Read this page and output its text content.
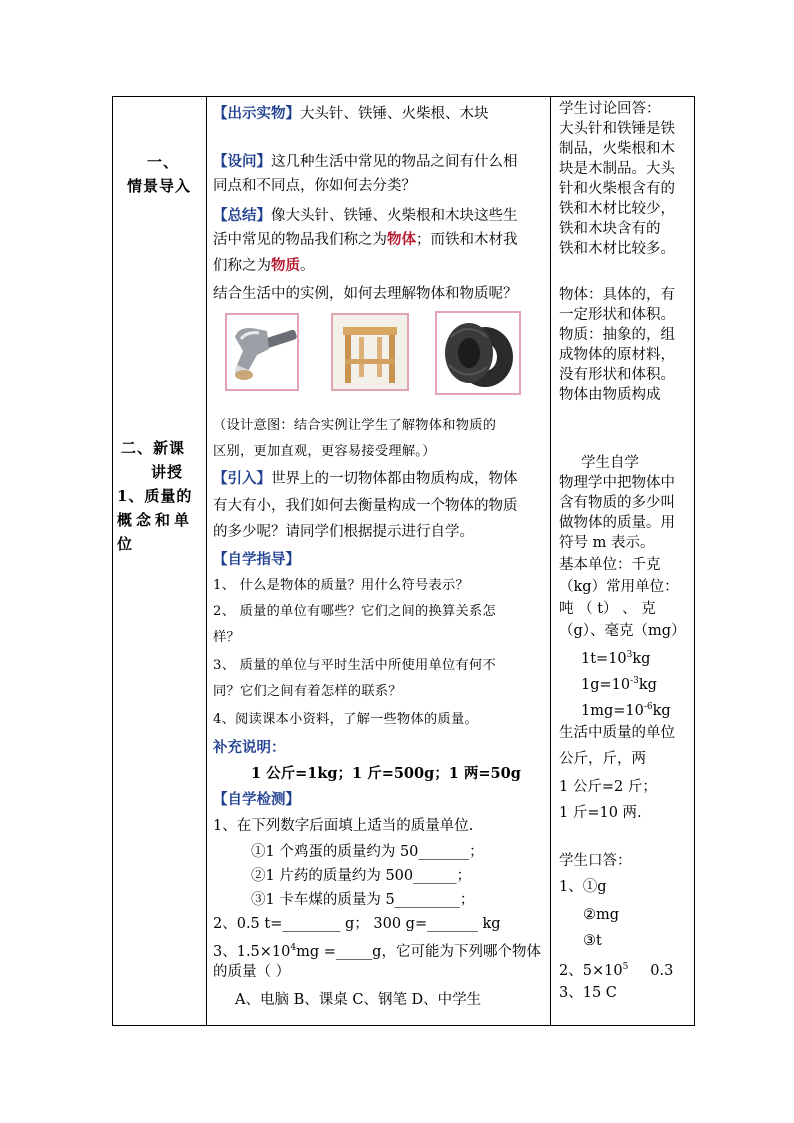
一、
情景导入
二、新课
讲授
1、质量的
概念和单
位
【出示实物】大头针、铁锤、火柴根、木块
【设问】这几种生活中常见的物品之间有什么相
同点和不同点，你如何去分类？
【总结】像大头针、铁锤、火柴根和木块这些生
活中常见的物品我们称之为物体；而铁和木材我
们称之为物质。
结合生活中的实例，如何去理解物体和物质呢？
（设计意图：结合实例让学生了解物体和物质的
区别，更加直观，更容易接受理解。）
【引入】世界上的一切物体都由物质构成，物体
有大有小，我们如何去衡量构成一个物体的物质
的多少呢？请同学们根据提示进行自学。
【自学指导】
1、 什么是物体的质量？用什么符号表示？
2、 质量的单位有哪些？它们之间的换算关系怎
样？
3、 质量的单位与平时生活中所使用单位有何不
同？它们之间有着怎样的联系？
4、阅读课本小资料，了解一些物体的质量。
补充说明：
1 公斤=1kg；1 斤=500g；1 两=50g
【自学检测】
1、在下列数字后面填上适当的质量单位.
①1 个鸡蛋的质量约为 50_______；
②1 片药的质量约为 500______；
③1 卡车煤的质量为 5_________；
2、0.5 t=________ g； 300 g=_______ kg
3、$1.5\times 10^4mg$ =_____g，它可能为下列哪个物体
的质量（ ）
A、电脑 B、课桌 C、钢笔 D、中学生
学生讨论回答：
大头针和铁锤是铁
制品，火柴根和木
块是木制品。大头
针和火柴根含有的
铁和木材比较少，
铁和木块含有的
铁和木材比较多。
物体：具体的，有
一定形状和体积。
物质：抽象的，组
成物体的原材料，
没有形状和体积。
物体由物质构成
学生自学
物理学中把物体中
含有物质的多少叫
做物体的质量。用
符号 m 表示。
基本单位：千克
（kg）常用单位：
吨 （ t） 、 克
（g）、毫克（mg）
$1t=10^3kg$
$1g=10^{-3}kg$
$1mg=10^{-6}kg$
生活中质量的单位
公斤，斤，两
1 公斤=2 斤；
1 斤=10 两.
学生口答：
1、①g
②mg
③t
2、$5\times 10^5$ 0.3
3、15 C
